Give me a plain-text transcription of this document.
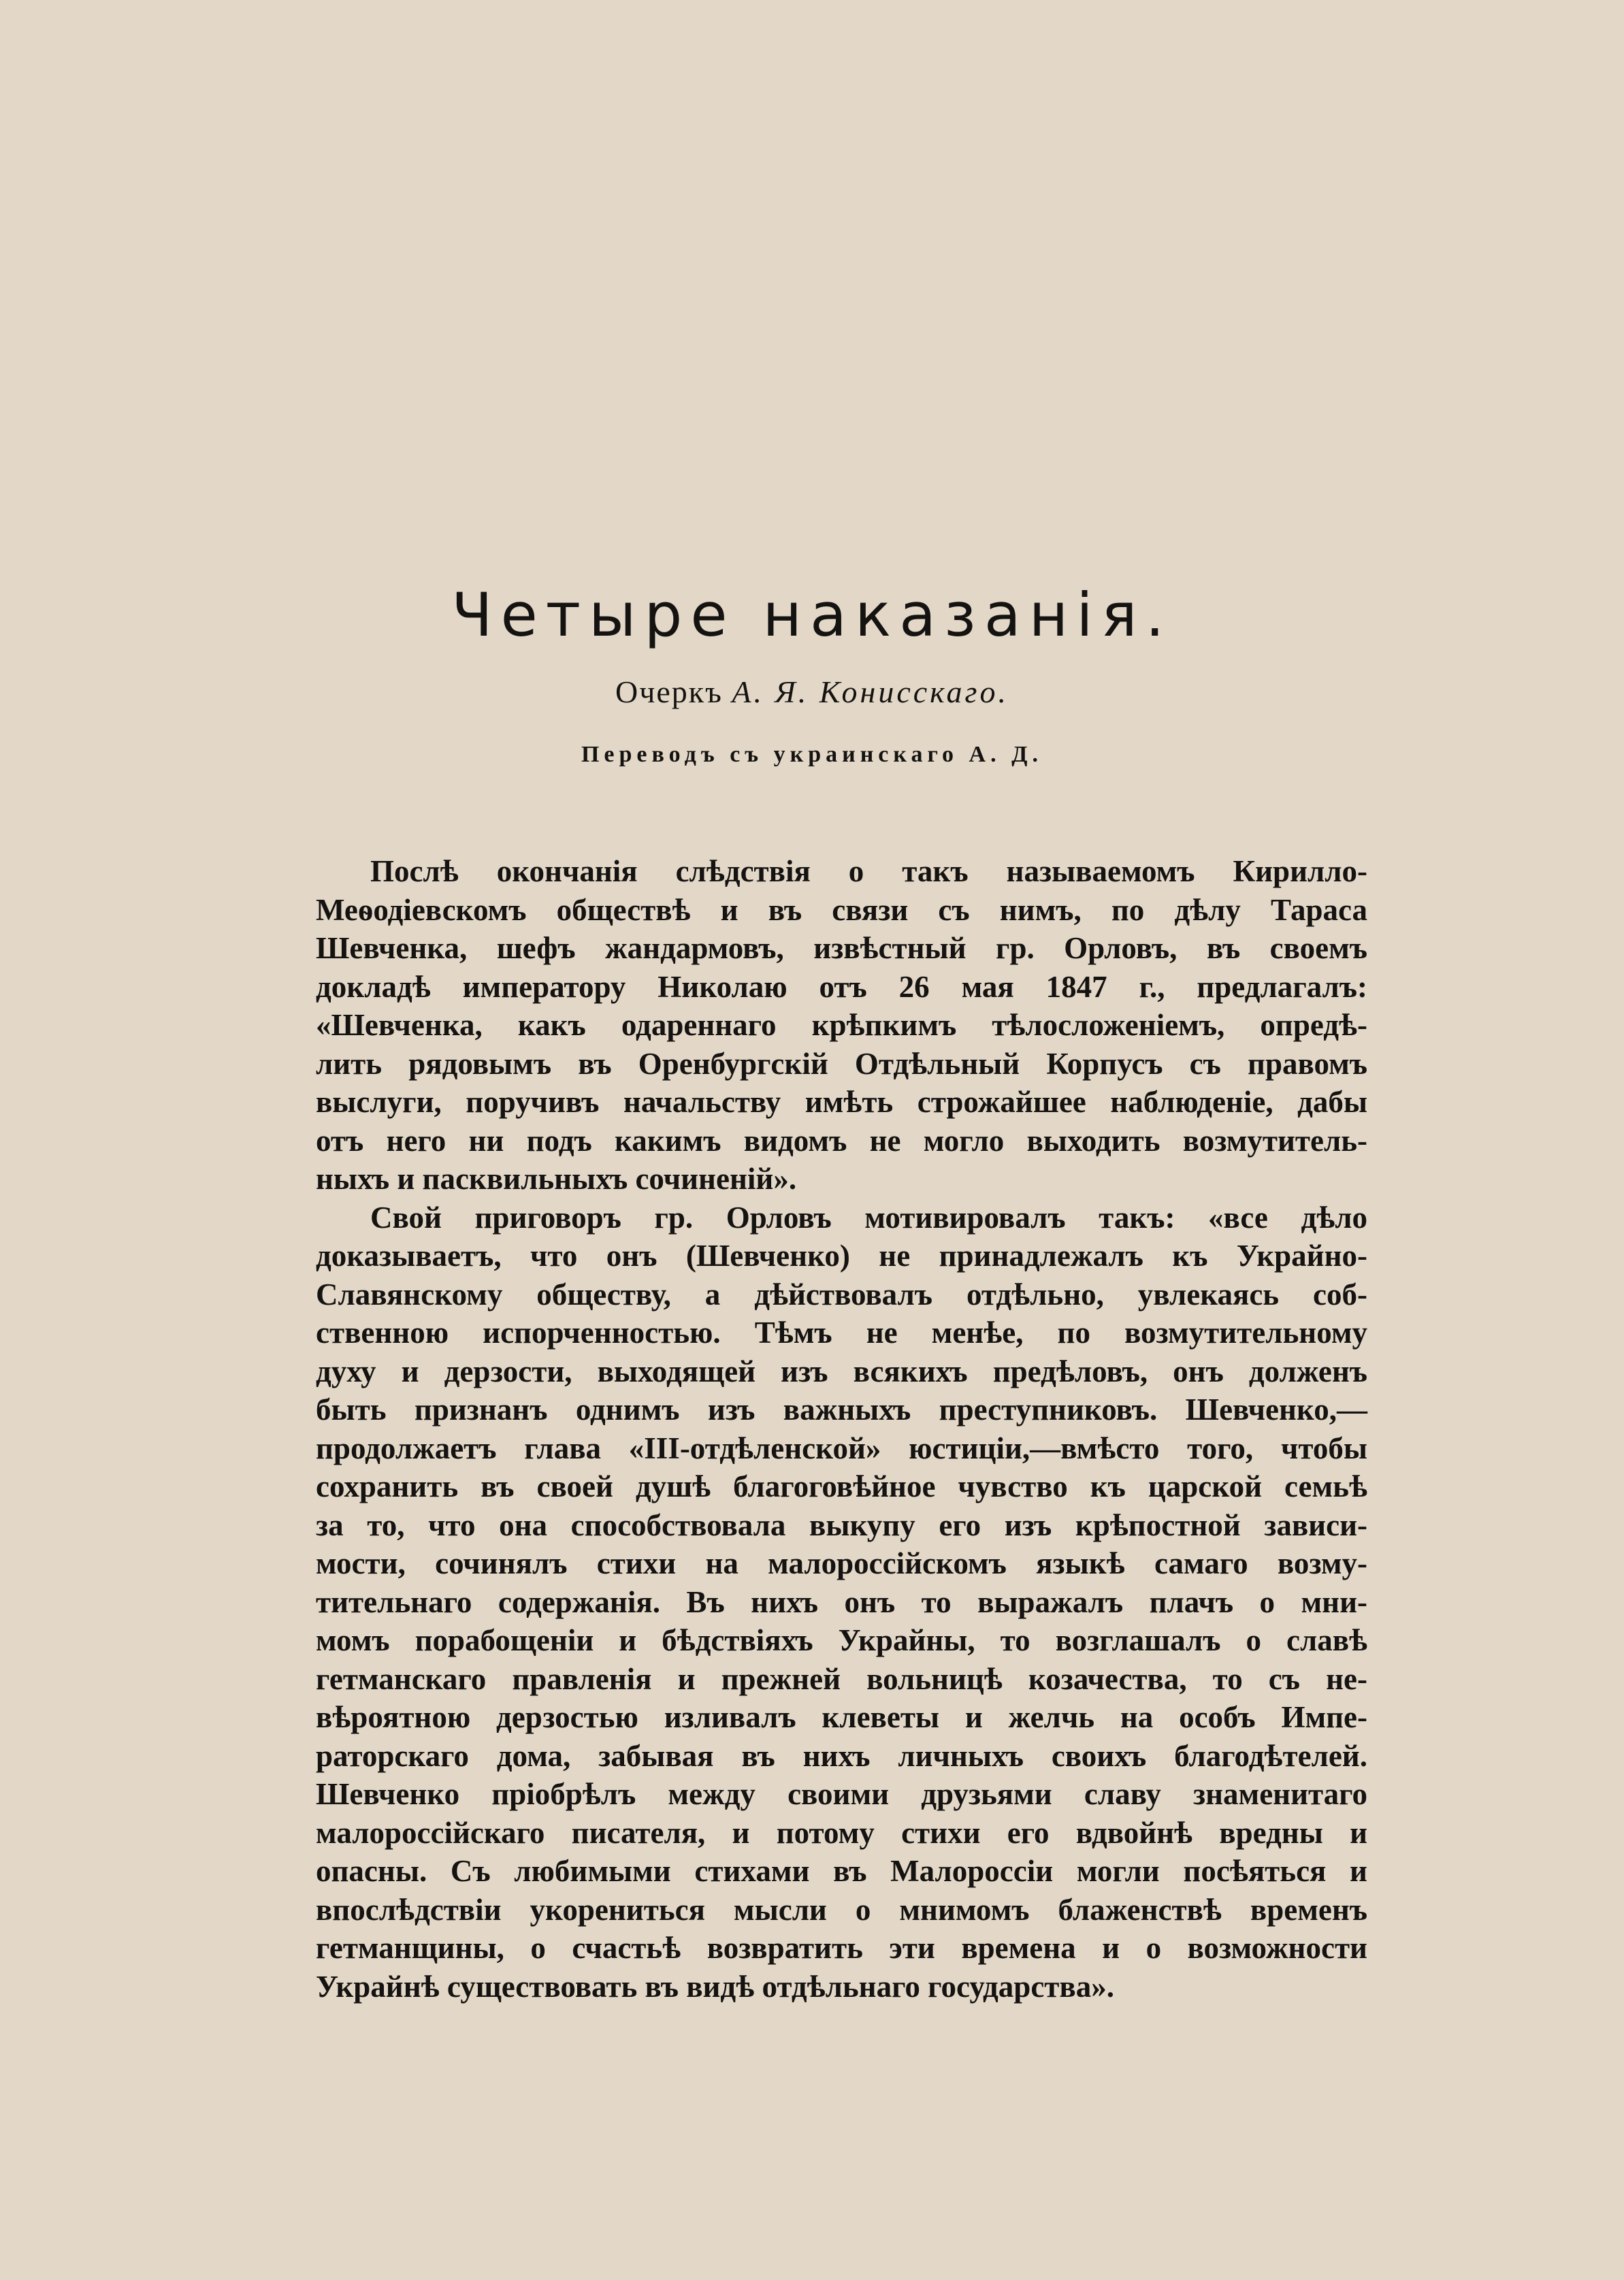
Четыре наказанія.
Очеркъ А. Я. Конисскаго.
Переводъ съ украинскаго А. Д.
Послѣ окончанія слѣдствія о такъ называемомъ Кирилло-
Меѳодіевскомъ обществѣ и въ связи съ нимъ, по дѣлу Тараса
Шевченка, шефъ жандармовъ, извѣстный гр. Орловъ, въ своемъ
докладѣ императору Николаю отъ 26 мая 1847 г., предлагалъ:
«Шевченка, какъ одареннаго крѣпкимъ тѣлосложеніемъ, опредѣ-
лить рядовымъ въ Оренбургскій Отдѣльный Корпусъ съ правомъ
выслуги, поручивъ начальству имѣть строжайшее наблюденіе, дабы
отъ него ни подъ какимъ видомъ не могло выходить возмутитель-
ныхъ и пасквильныхъ сочиненій».
Свой приговоръ гр. Орловъ мотивировалъ такъ: «все дѣло
доказываетъ, что онъ (Шевченко) не принадлежалъ къ Украйно-
Славянскому обществу, а дѣйствовалъ отдѣльно, увлекаясь соб-
ственною испорченностью. Тѣмъ не менѣе, по возмутительному
духу и дерзости, выходящей изъ всякихъ предѣловъ, онъ долженъ
быть признанъ однимъ изъ важныхъ преступниковъ. Шевченко,—
продолжаетъ глава «III-отдѣленской» юстиціи,—вмѣсто того, чтобы
сохранить въ своей душѣ благоговѣйное чувство къ царской семьѣ
за то, что она способствовала выкупу его изъ крѣпостной зависи-
мости, сочинялъ стихи на малороссійскомъ языкѣ самаго возму-
тительнаго содержанія. Въ нихъ онъ то выражалъ плачъ о мни-
момъ порабощеніи и бѣдствіяхъ Украйны, то возглашалъ о славѣ
гетманскаго правленія и прежней вольницѣ козачества, то съ не-
вѣроятною дерзостью изливалъ клеветы и желчь на особъ Импе-
раторскаго дома, забывая въ нихъ личныхъ своихъ благодѣтелей.
Шевченко пріобрѣлъ между своими друзьями славу знаменитаго
малороссійскаго писателя, и потому стихи его вдвойнѣ вредны и
опасны. Съ любимыми стихами въ Малороссіи могли посѣяться и
впослѣдствіи укорениться мысли о мнимомъ блаженствѣ временъ
гетманщины, о счастьѣ возвратить эти времена и о возможности
Украйнѣ существовать въ видѣ отдѣльнаго государства».
